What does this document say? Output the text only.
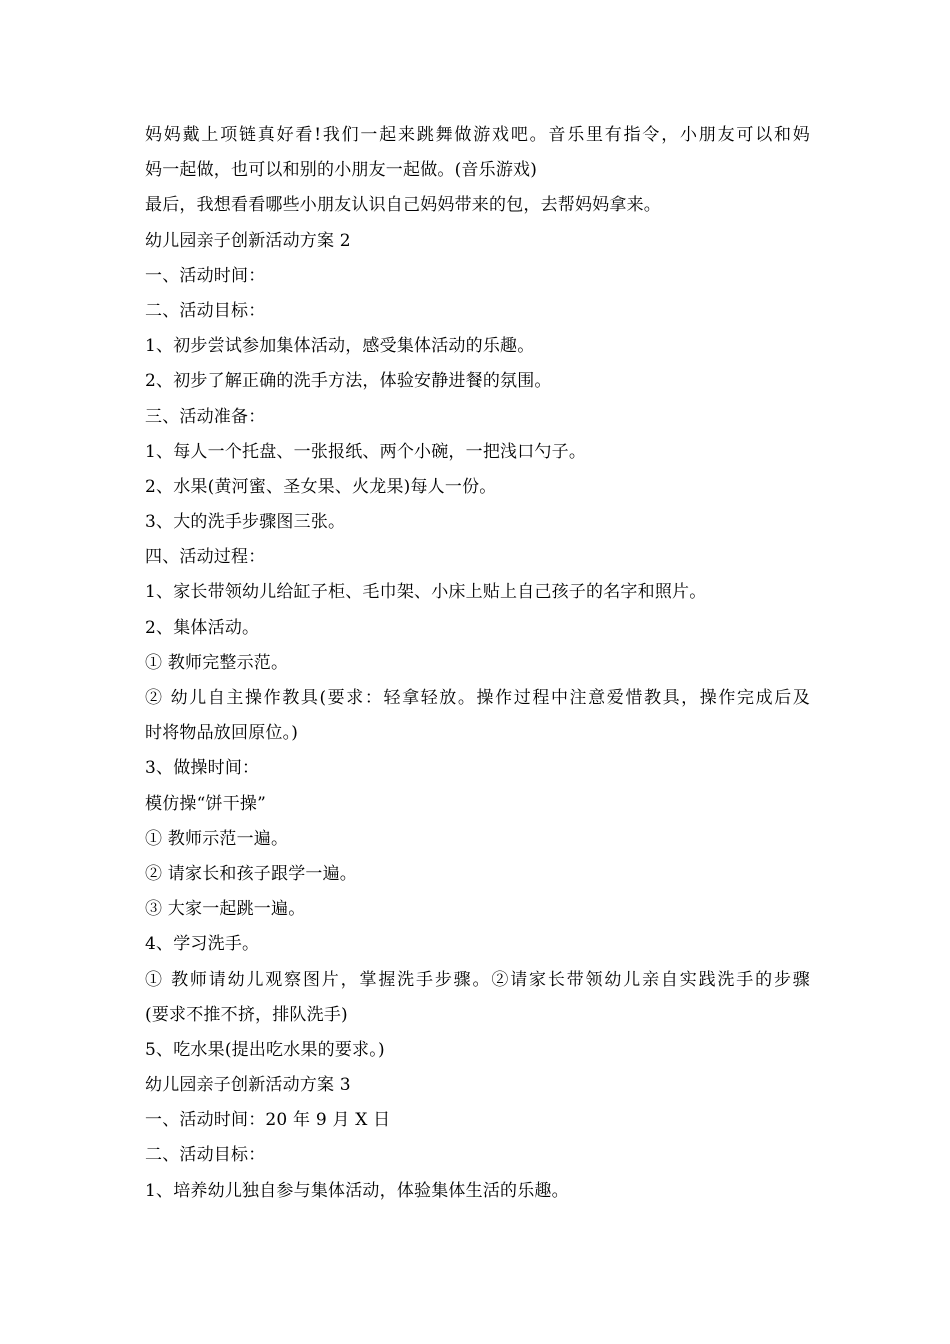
妈妈戴上项链真好看!我们一起来跳舞做游戏吧。音乐里有指令，小朋友可以和妈
妈一起做，也可以和别的小朋友一起做。(音乐游戏)
最后，我想看看哪些小朋友认识自己妈妈带来的包，去帮妈妈拿来。
幼儿园亲子创新活动方案 2
一、活动时间：
二、活动目标：
1、初步尝试参加集体活动，感受集体活动的乐趣。
2、初步了解正确的洗手方法，体验安静进餐的氛围。
三、活动准备：
1、每人一个托盘、一张报纸、两个小碗，一把浅口勺子。
2、水果(黄河蜜、圣女果、火龙果)每人一份。
3、大的洗手步骤图三张。
四、活动过程：
1、家长带领幼儿给缸子柜、毛巾架、小床上贴上自己孩子的名字和照片。
2、集体活动。
① 教师完整示范。
② 幼儿自主操作教具(要求：轻拿轻放。操作过程中注意爱惜教具，操作完成后及
时将物品放回原位。)
3、做操时间：
模仿操“饼干操”
① 教师示范一遍。
② 请家长和孩子跟学一遍。
③ 大家一起跳一遍。
4、学习洗手。
① 教师请幼儿观察图片，掌握洗手步骤。②请家长带领幼儿亲自实践洗手的步骤
(要求不推不挤，排队洗手)
5、吃水果(提出吃水果的要求。)
幼儿园亲子创新活动方案 3
一、活动时间：20 年 9 月 X 日
二、活动目标：
1、培养幼儿独自参与集体活动，体验集体生活的乐趣。
